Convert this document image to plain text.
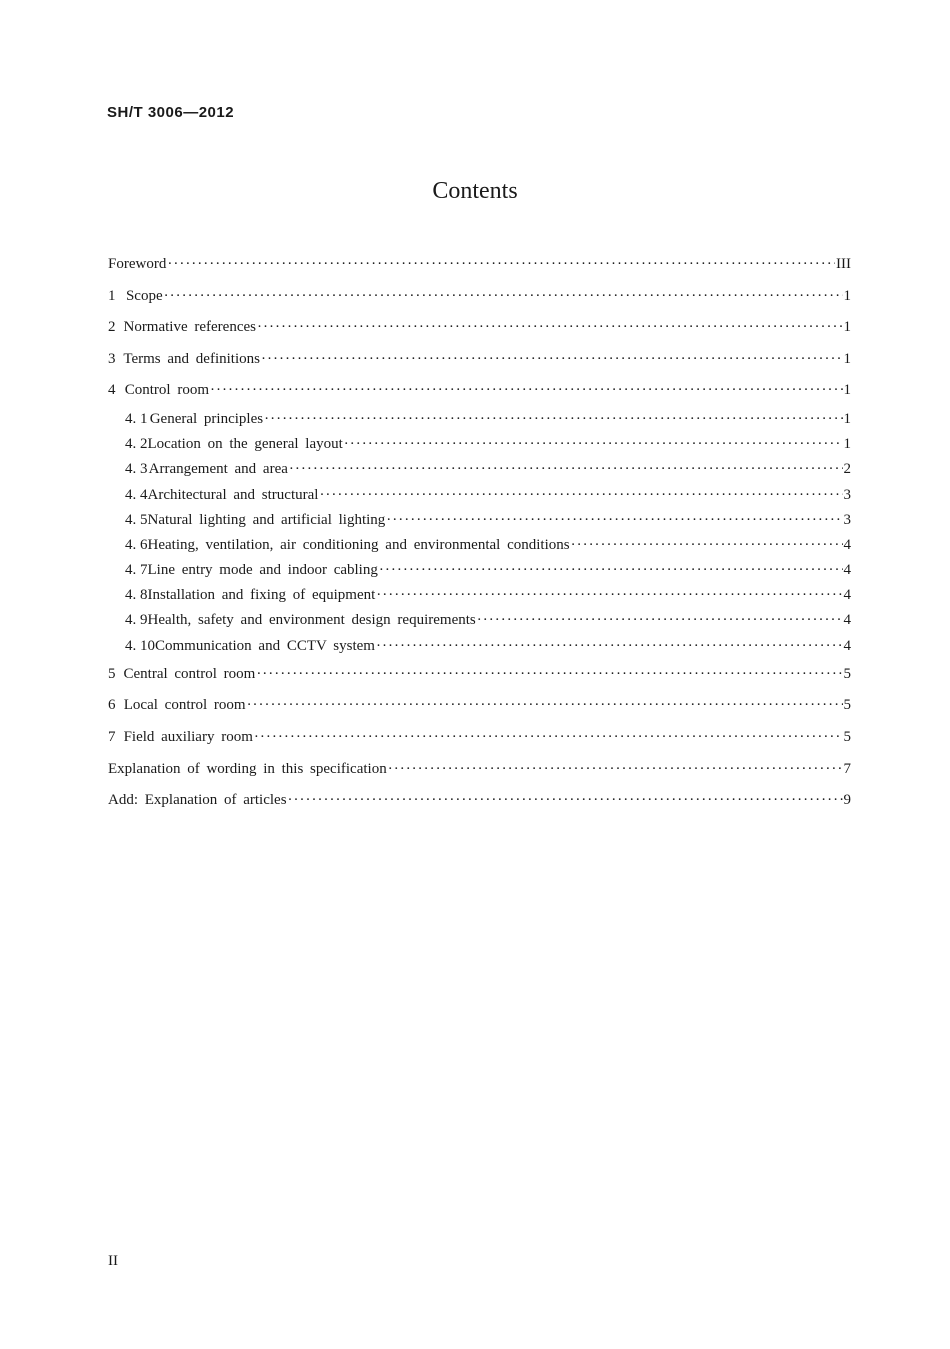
SH/T 3006—2012
Contents
Foreword ·····	III
1 Scope ·····	1
2 Normative references ·····	1
3 Terms and definitions ·····	1
4 Control room ·····	1
4. 1 General principles ·····	1
4. 2 Location on the general layout ·····	1
4. 3 Arrangement and area ·····	2
4. 4 Architectural and structural ·····	3
4. 5 Natural lighting and artificial lighting ·····	3
4. 6 Heating, ventilation, air conditioning and environmental conditions ·····	4
4. 7 Line entry mode and indoor cabling ·····	4
4. 8 Installation and fixing of equipment ·····	4
4. 9 Health, safety and environment design requirements ·····	4
4. 10 Communication and CCTV system ·····	4
5 Central control room ·····	5
6 Local control room ·····	5
7 Field auxiliary room ·····	5
Explanation of wording in this specification ·····	7
Add: Explanation of articles ·····	9
II
